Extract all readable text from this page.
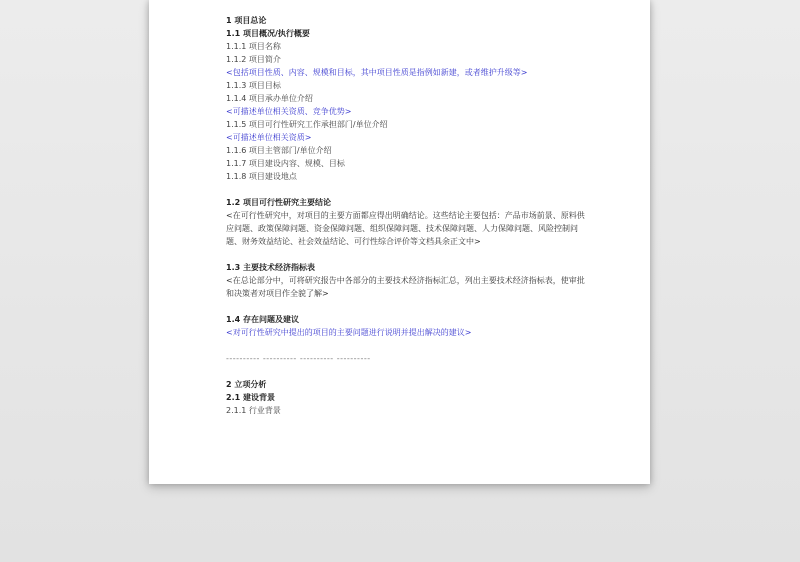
1 项目总论
1.1 项目概况/执行概要
1.1.1 项目名称
1.1.2 项目简介
<包括项目性质、内容、规模和目标，其中项目性质是指例如新建，或者维护升级等>
1.1.3 项目目标
1.1.4 项目承办单位介绍
<可描述单位相关资质、竞争优势>
1.1.5 项目可行性研究工作承担部门/单位介绍
<可描述单位相关资质>
1.1.6 项目主管部门/单位介绍
1.1.7 项目建设内容、规模、目标
1.1.8 项目建设地点
1.2 项目可行性研究主要结论
<在可行性研究中，对项目的主要方面都应得出明确结论。这些结论主要包括：产品市场前景、原料供应问题、政策保障问题、资金保障问题、组织保障问题、技术保障问题、人力保障问题、风险控制问题、财务效益结论、社会效益结论、可行性综合评价等文档具余正文中>
1.3 主要技术经济指标表
<在总论部分中，可将研究报告中各部分的主要技术经济指标汇总，列出主要技术经济指标表，使审批和决策者对项目作全貌了解>
1.4 存在问题及建议
<对可行性研究中提出的项目的主要问题进行说明并提出解决的建议>
---------- ---------- ---------- ----------
2 立项分析
2.1 建设背景
2.1.1 行业背景
